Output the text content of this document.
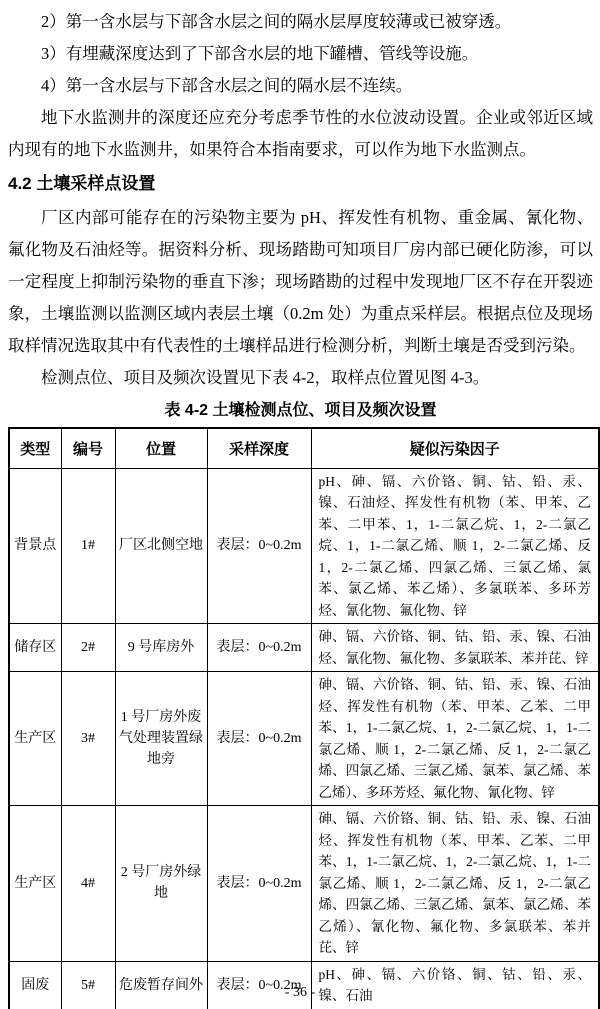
2）第一含水层与下部含水层之间的隔水层厚度较薄或已被穿透。

3）有埋藏深度达到了下部含水层的地下罐槽、管线等设施。

4）第一含水层与下部含水层之间的隔水层不连续。

地下水监测井的深度还应充分考虑季节性的水位波动设置。企业或邻近区域内现有的地下水监测井，如果符合本指南要求，可以作为地下水监测点。

4.2 土壤采样点设置

厂区内部可能存在的污染物主要为 pH、挥发性有机物、重金属、氰化物、氟化物及石油烃等。据资料分析、现场踏勘可知项目厂房内部已硬化防渗，可以一定程度上抑制污染物的垂直下渗；现场踏勘的过程中发现地厂区不存在开裂迹象，土壤监测以监测区域内表层土壤（0.2m 处）为重点采样层。根据点位及现场取样情况选取其中有代表性的土壤样品进行检测分析，判断土壤是否受到污染。

检测点位、项目及频次设置见下表 4-2，取样点位置见图 4-3。

表 4-2 土壤检测点位、项目及频次设置
类型	编号	位置	采样深度	疑似污染因子
背景点	1#	厂区北侧空地	表层：0~0.2m	pH、砷、镉、六价铬、铜、钴、铅、汞、镍、石油烃、挥发性有机物（苯、甲苯、乙苯、二甲苯、1，1-二氯乙烷、1，2-二氯乙烷、1，1-二氯乙烯、顺 1，2-二氯乙烯、反 1，2-二氯乙烯、四氯乙烯、三氯乙烯、氯苯、氯乙烯、苯乙烯）、多氯联苯、多环芳烃、氰化物、氟化物、锌
储存区	2#	9 号库房外	表层：0~0.2m	砷、镉、六价铬、铜、钴、铅、汞、镍、石油烃、氰化物、氟化物、多氯联苯、苯并芘、锌
生产区	3#	1 号厂房外废气处理装置绿地旁	表层：0~0.2m	砷、镉、六价铬、铜、钴、铅、汞、镍、石油烃、挥发性有机物（苯、甲苯、乙苯、二甲苯、1，1-二氯乙烷、1，2-二氯乙烷、1，1-二氯乙烯、顺 1，2-二氯乙烯、反 1，2-二氯乙烯、四氯乙烯、三氯乙烯、氯苯、氯乙烯、苯乙烯）、多环芳烃、氟化物、氰化物、锌
生产区	4#	2 号厂房外绿地	表层：0~0.2m	砷、镉、六价铬、铜、钴、铅、汞、镍、石油烃、挥发性有机物（苯、甲苯、乙苯、二甲苯、1，1-二氯乙烷、1，2-二氯乙烷、1，1-二氯乙烯、顺 1，2-二氯乙烯、反 1，2-二氯乙烯、四氯乙烯、三氯乙烯、氯苯、氯乙烯、苯乙烯）、氰化物、氟化物、多氯联苯、苯并芘、锌
固废	5#	危废暂存间外	表层：0~0.2m	pH、砷、镉、六价铬、铜、钴、铅、汞、镍、石油
- 36 -
